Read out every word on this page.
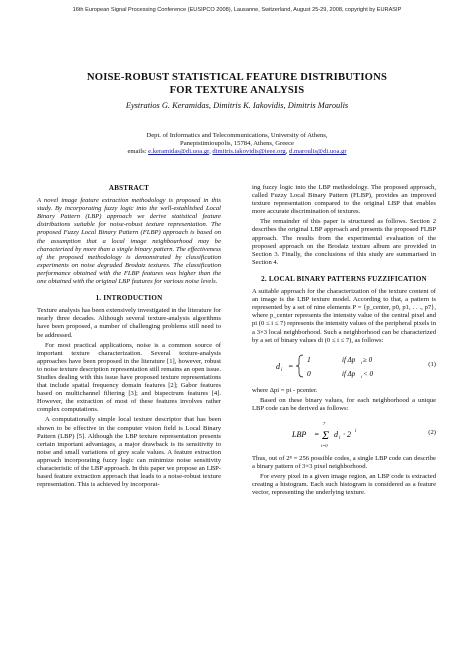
16th European Signal Processing Conference (EUSIPCO 2008), Lausanne, Switzerland, August 25-29, 2008, copyright by EURASIP
NOISE-ROBUST STATISTICAL FEATURE DISTRIBUTIONS
FOR TEXTURE ANALYSIS
Eystratios G. Keramidas, Dimitris K. Iakovidis, Dimitris Maroulis
Dept. of Informatics and Telecommunications, University of Athens,
Panepistimioupolis, 15784, Athens, Greece
emails: e.keramidas@di.uoa.gr, dimitris.iakovidis@ieee.org, d.maroulis@di.uoa.gr
ABSTRACT
A novel image feature extraction methodology is proposed in this study. By incorporating fuzzy logic into the well-established Local Binary Pattern (LBP) approach we derive statistical feature distributions suitable for noise-robust texture representation. The proposed Fuzzy Local Binary Pattern (FLBP) approach is based on the assumption that a local image neighbourhood may be characterized by more than a single binary pattern. The effectiveness of the proposed methodology is demonstrated by classification experiments on noise degraded Brodatz textures. The classification performance obtained with the FLBP features was higher than the one obtained with the original LBP features for various noise levels.
1. INTRODUCTION
Texture analysis has been extensively investigated in the literature for nearly three decades. Although several texture-analysis algorithms have been proposed, a number of challenging problems still need to be addressed.
For most practical applications, noise is a common source of important texture characterization. Several texture-analysis approaches have been proposed in the literature [1], however, robust to noise texture description representation still remains an open issue. Studies dealing with this issue have proposed texture representations that include spatial frequency domain features [2]; Gabor features based on multichannel filtering [3]; and bispectrum features [4]. However, the extraction of most of these features involves rather complex computations.
A computationally simple local texture descriptor that has been shown to be effective in the computer vision field is Local Binary Pattern (LBP) [5]. Although the LBP texture representation presents certain important advantages, a major drawback is its sensitivity to noise and small variations of grey scale values. A feature extraction approach incorporating fuzzy logic can minimize noise sensitivity characteristic of the LBP approach. In this paper we propose an LBP-based feature extraction approach that leads to a noise-robust texture representation. This is achieved by incorporat-
ing fuzzy logic into the LBP methodology. The proposed approach, called Fuzzy Local Binary Pattern (FLBP), provides an improved texture representation compared to the original LBP that enables more accurate discrimination of textures.
The remainder of this paper is structured as follows. Section 2 describes the original LBP approach and presents the proposed FLBP approach. The results from the experimental evaluation of the proposed approach on the Brodatz texture album are provided in Section 3. Finally, the conclusions of this study are summarised in Section 4.
2. LOCAL BINARY PATTERNS FUZZIFICATION
A suitable approach for the characterization of the texture content of an image is the LBP texture model. According to that, a pattern is represented by a set of nine elements P = {p_center, p0, p1, . . ., p7}, where p_center represents the intensity value of the central pixel and pi (0 ≤ i ≤ 7) represents the intensity values of the peripheral pixels in a 3×3 local neighborhood. Such a neighborhood can be characterized by a set of binary values di (0 ≤ i ≤ 7), as follows:
d i =
1	if Δp i ≥ 0
0	if Δp i < 0
(1)
where Δpi = pi - pcenter.
Based on these binary values, for each neighborhood a unique LBP code can be derived as follows:
LBP =
7
Σ
i=0
d i · 2 i	(2)
Thus, out of 2⁸ = 256 possible codes, a single LBP code can describe a binary pattern of 3×3 pixel neighborhood.
For every pixel in a given image region, an LBP code is extracted creating a histogram. Each such histogram is considered as a feature vector, representing the underlying texture.
